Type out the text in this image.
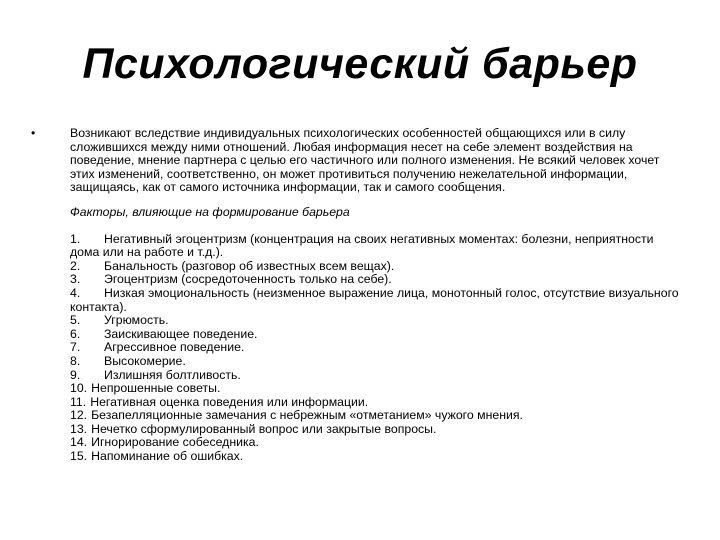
Психологический барьер
•	Возникают вследствие индивидуальных психологических особенностей общающихся или в силу сложившихся между ними отношений. Любая информация несет на себе элемент воздействия на поведение, мнение партнера с целью его частичного или полного изменения. Не всякий человек хочет этих изменений, соответственно, он может противиться получению нежелательной информации, защищаясь, как от самого источника информации, так и самого сообщения.

Факторы, влияющие на формирование барьера

1. Негативный эгоцентризм (концентрация на своих негативных моментах: болезни, неприятности дома или на работе и т.д.).
2. Банальность (разговор об известных всем вещах).
3. Эгоцентризм (сосредоточенность только на себе).
4. Низкая эмоциональность (неизменное выражение лица, монотонный голос, отсутствие визуального контакта).
5. Угрюмость.
6. Заискивающее поведение.
7. Агрессивное поведение.
8. Высокомерие.
9. Излишняя болтливость.
10. Непрошенные советы.
11. Негативная оценка поведения или информации.
12. Безапелляционные замечания с небрежным «отметанием» чужого мнения.
13. Нечетко сформулированный вопрос или закрытые вопросы.
14. Игнорирование собеседника.
15. Напоминание об ошибках.
